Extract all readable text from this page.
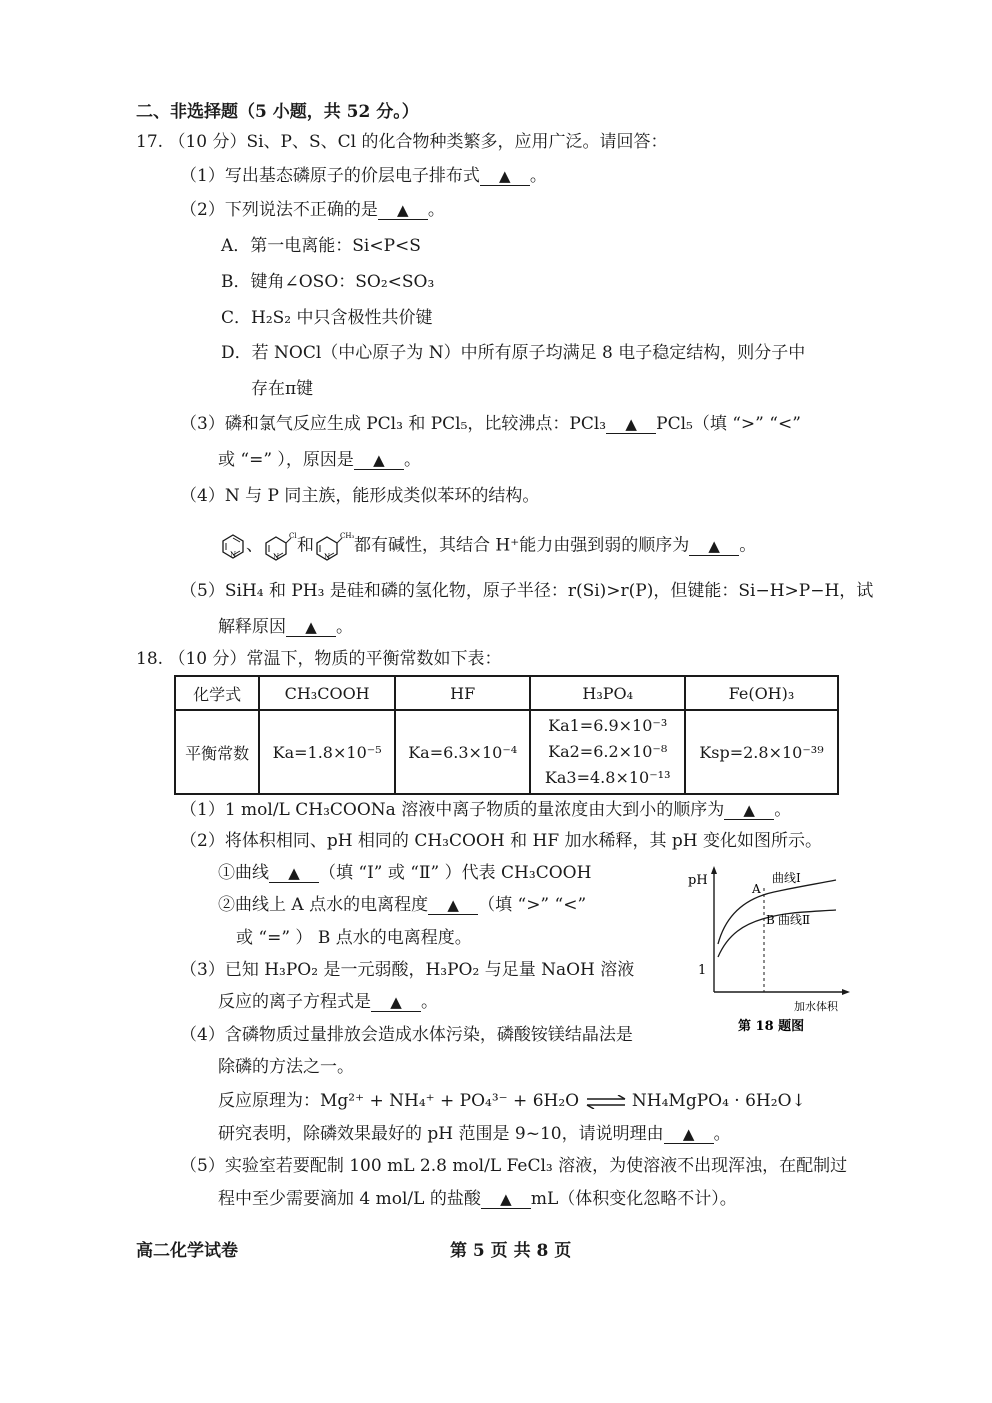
二、非选择题（5 小题，共 52 分。）
17. （10 分）Si、P、S、Cl 的化合物种类繁多，应用广泛。请回答：
（1）写出基态磷原子的价层电子排布式 ▲ 。
（2）下列说法不正确的是 ▲ 。
A．第一电离能：Si<P<S
B．键角∠OSO：SO₂<SO₃
C．H₂S₂ 中只含极性共价键
D．若 NOCl（中心原子为 N）中所有原子均满足 8 电子稳定结构，则分子中
存在π键
（3）磷和氯气反应生成 PCl₃ 和 PCl₅，比较沸点：PCl₃ ▲ PCl₅（填 “>” “<”
或 “=” ），原因是 ▲ 。
（4）N 与 P 同主族，能形成类似苯环的结构。
N 、
N
Cl 和
N
CH₃ 都有碱性，其结合 H⁺能力由强到弱的顺序为 ▲ 。
（5）SiH₄ 和 PH₃ 是硅和磷的氢化物，原子半径：r(Si)>r(P)，但键能：Si−H>P−H，试
解释原因 ▲ 。
18. （10 分）常温下，物质的平衡常数如下表：
化学式	CH₃COOH	HF	H₃PO₄	Fe(OH)₃
平衡常数	Ka=1.8×10⁻⁵	Ka=6.3×10⁻⁴	Ka1=6.9×10⁻³
Ka2=6.2×10⁻⁸
Ka3=4.8×10⁻¹³	Ksp=2.8×10⁻³⁹
（1）1 mol/L CH₃COONa 溶液中离子物质的量浓度由大到小的顺序为 ▲ 。
（2）将体积相同、pH 相同的 CH₃COOH 和 HF 加水稀释，其 pH 变化如图所示。
①曲线 ▲ （填 “Ⅰ” 或 “Ⅱ” ）代表 CH₃COOH
②曲线上 A 点水的电离程度 ▲ （填 “>” “<”
或 “=” ） B 点水的电离程度。
（3）已知 H₃PO₂ 是一元弱酸，H₃PO₂ 与足量 NaOH 溶液
反应的离子方程式是 ▲ 。
pH
1
A
B
曲线Ⅰ
曲线Ⅱ
加水体积
第 18 题图
（4）含磷物质过量排放会造成水体污染，磷酸铵镁结晶法是
除磷的方法之一。
反应原理为：Mg²⁺ + NH₄⁺ + PO₄³⁻ + 6H₂O ⇌ NH₄MgPO₄ · 6H₂O↓
研究表明，除磷效果最好的 pH 范围是 9~10，请说明理由 ▲ 。
（5）实验室若要配制 100 mL 2.8 mol/L FeCl₃ 溶液，为使溶液不出现浑浊，在配制过
程中至少需要滴加 4 mol/L 的盐酸 ▲ mL（体积变化忽略不计）。
高二化学试卷	第 5 页 共 8 页
